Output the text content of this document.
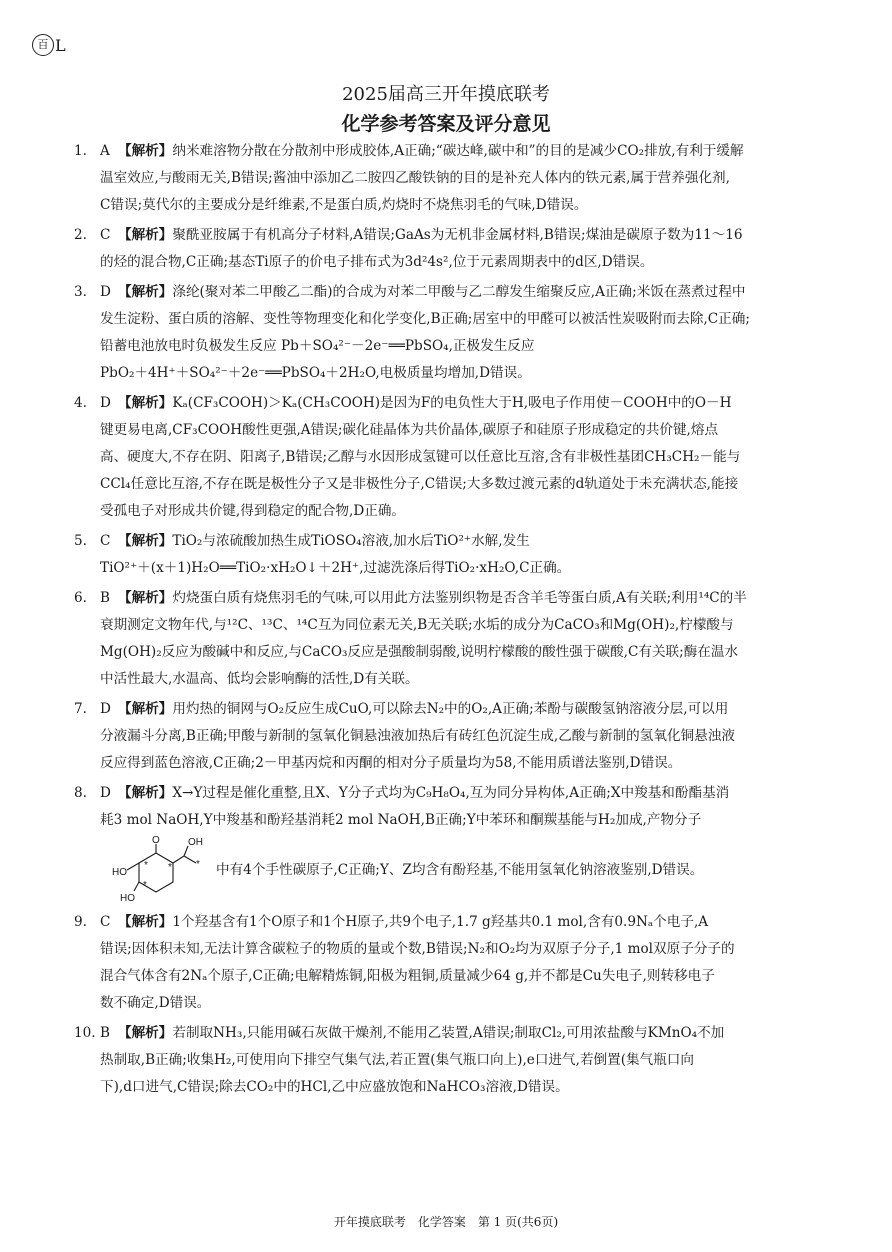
百 L
2025届高三开年摸底联考
化学参考答案及评分意见
1. A 【解析】纳米难溶物分散在分散剂中形成胶体,A正确;“碳达峰,碳中和”的目的是减少CO₂排放,有利于缓解
温室效应,与酸雨无关,B错误;酱油中添加乙二胺四乙酸铁钠的目的是补充人体内的铁元素,属于营养强化剂,
C错误;莫代尔的主要成分是纤维素,不是蛋白质,灼烧时不烧焦羽毛的气味,D错误。
2. C 【解析】聚酰亚胺属于有机高分子材料,A错误;GaAs为无机非金属材料,B错误;煤油是碳原子数为11～16
的烃的混合物,C正确;基态Ti原子的价电子排布式为3d²4s²,位于元素周期表中的d区,D错误。
3. D 【解析】涤纶(聚对苯二甲酸乙二酯)的合成为对苯二甲酸与乙二醇发生缩聚反应,A正确;米饭在蒸煮过程中
发生淀粉、蛋白质的溶解、变性等物理变化和化学变化,B正确;居室中的甲醛可以被活性炭吸附而去除,C正确;
铅蓄电池放电时负极发生反应 Pb＋SO₄²⁻－2e⁻══PbSO₄,正极发生反应
PbO₂＋4H⁺＋SO₄²⁻＋2e⁻══PbSO₄＋2H₂O,电极质量均增加,D错误。
4. D 【解析】Kₐ(CF₃COOH)＞Kₐ(CH₃COOH)是因为F的电负性大于H,吸电子作用使－COOH中的O－H
键更易电离,CF₃COOH酸性更强,A错误;碳化硅晶体为共价晶体,碳原子和硅原子形成稳定的共价键,熔点
高、硬度大,不存在阴、阳离子,B错误;乙醇与水因形成氢键可以任意比互溶,含有非极性基团CH₃CH₂－能与
CCl₄任意比互溶,不存在既是极性分子又是非极性分子,C错误;大多数过渡元素的d轨道处于未充满状态,能接
受孤电子对形成共价键,得到稳定的配合物,D正确。
5. C 【解析】TiO₂与浓硫酸加热生成TiOSO₄溶液,加水后TiO²⁺水解,发生
TiO²⁺＋(x＋1)H₂O══TiO₂·xH₂O↓＋2H⁺,过滤洗涤后得TiO₂·xH₂O,C正确。
6. B 【解析】灼烧蛋白质有烧焦羽毛的气味,可以用此方法鉴别织物是否含羊毛等蛋白质,A有关联;利用¹⁴C的半
衰期测定文物年代,与¹²C、¹³C、¹⁴C互为同位素无关,B无关联;水垢的成分为CaCO₃和Mg(OH)₂,柠檬酸与
Mg(OH)₂反应为酸碱中和反应,与CaCO₃反应是强酸制弱酸,说明柠檬酸的酸性强于碳酸,C有关联;酶在温水
中活性最大,水温高、低均会影响酶的活性,D有关联。
7. D 【解析】用灼热的铜网与O₂反应生成CuO,可以除去N₂中的O₂,A正确;苯酚与碳酸氢钠溶液分层,可以用
分液漏斗分离,B正确;甲酸与新制的氢氧化铜悬浊液加热后有砖红色沉淀生成,乙酸与新制的氢氧化铜悬浊液
反应得到蓝色溶液,C正确;2－甲基丙烷和丙酮的相对分子质量均为58,不能用质谱法鉴别,D错误。
8. D 【解析】X→Y过程是催化重整,且X、Y分子式均为C₉H₈O₄,互为同分异构体,A正确;X中羧基和酚酯基消
耗3 mol NaOH,Y中羧基和酚羟基消耗2 mol NaOH,B正确;Y中苯环和酮羰基能与H₂加成,产物分子
O	OH
HO
HO
*
*
* * 中有4个手性碳原子,C正确;Y、Z均含有酚羟基,不能用氢氧化钠溶液鉴别,D错误。
9. C 【解析】1个羟基含有1个O原子和1个H原子,共9个电子,1.7 g羟基共0.1 mol,含有0.9Nₐ个电子,A
错误;因体积未知,无法计算含碳粒子的物质的量或个数,B错误;N₂和O₂均为双原子分子,1 mol双原子分子的
混合气体含有2Nₐ个原子,C正确;电解精炼铜,阳极为粗铜,质量减少64 g,并不都是Cu失电子,则转移电子
数不确定,D错误。
10. B 【解析】若制取NH₃,只能用碱石灰做干燥剂,不能用乙装置,A错误;制取Cl₂,可用浓盐酸与KMnO₄不加
热制取,B正确;收集H₂,可使用向下排空气集气法,若正置(集气瓶口向上),e口进气,若倒置(集气瓶口向
下),d口进气,C错误;除去CO₂中的HCl,乙中应盛放饱和NaHCO₃溶液,D错误。
开年摸底联考　化学答案　第 1 页(共6页)
